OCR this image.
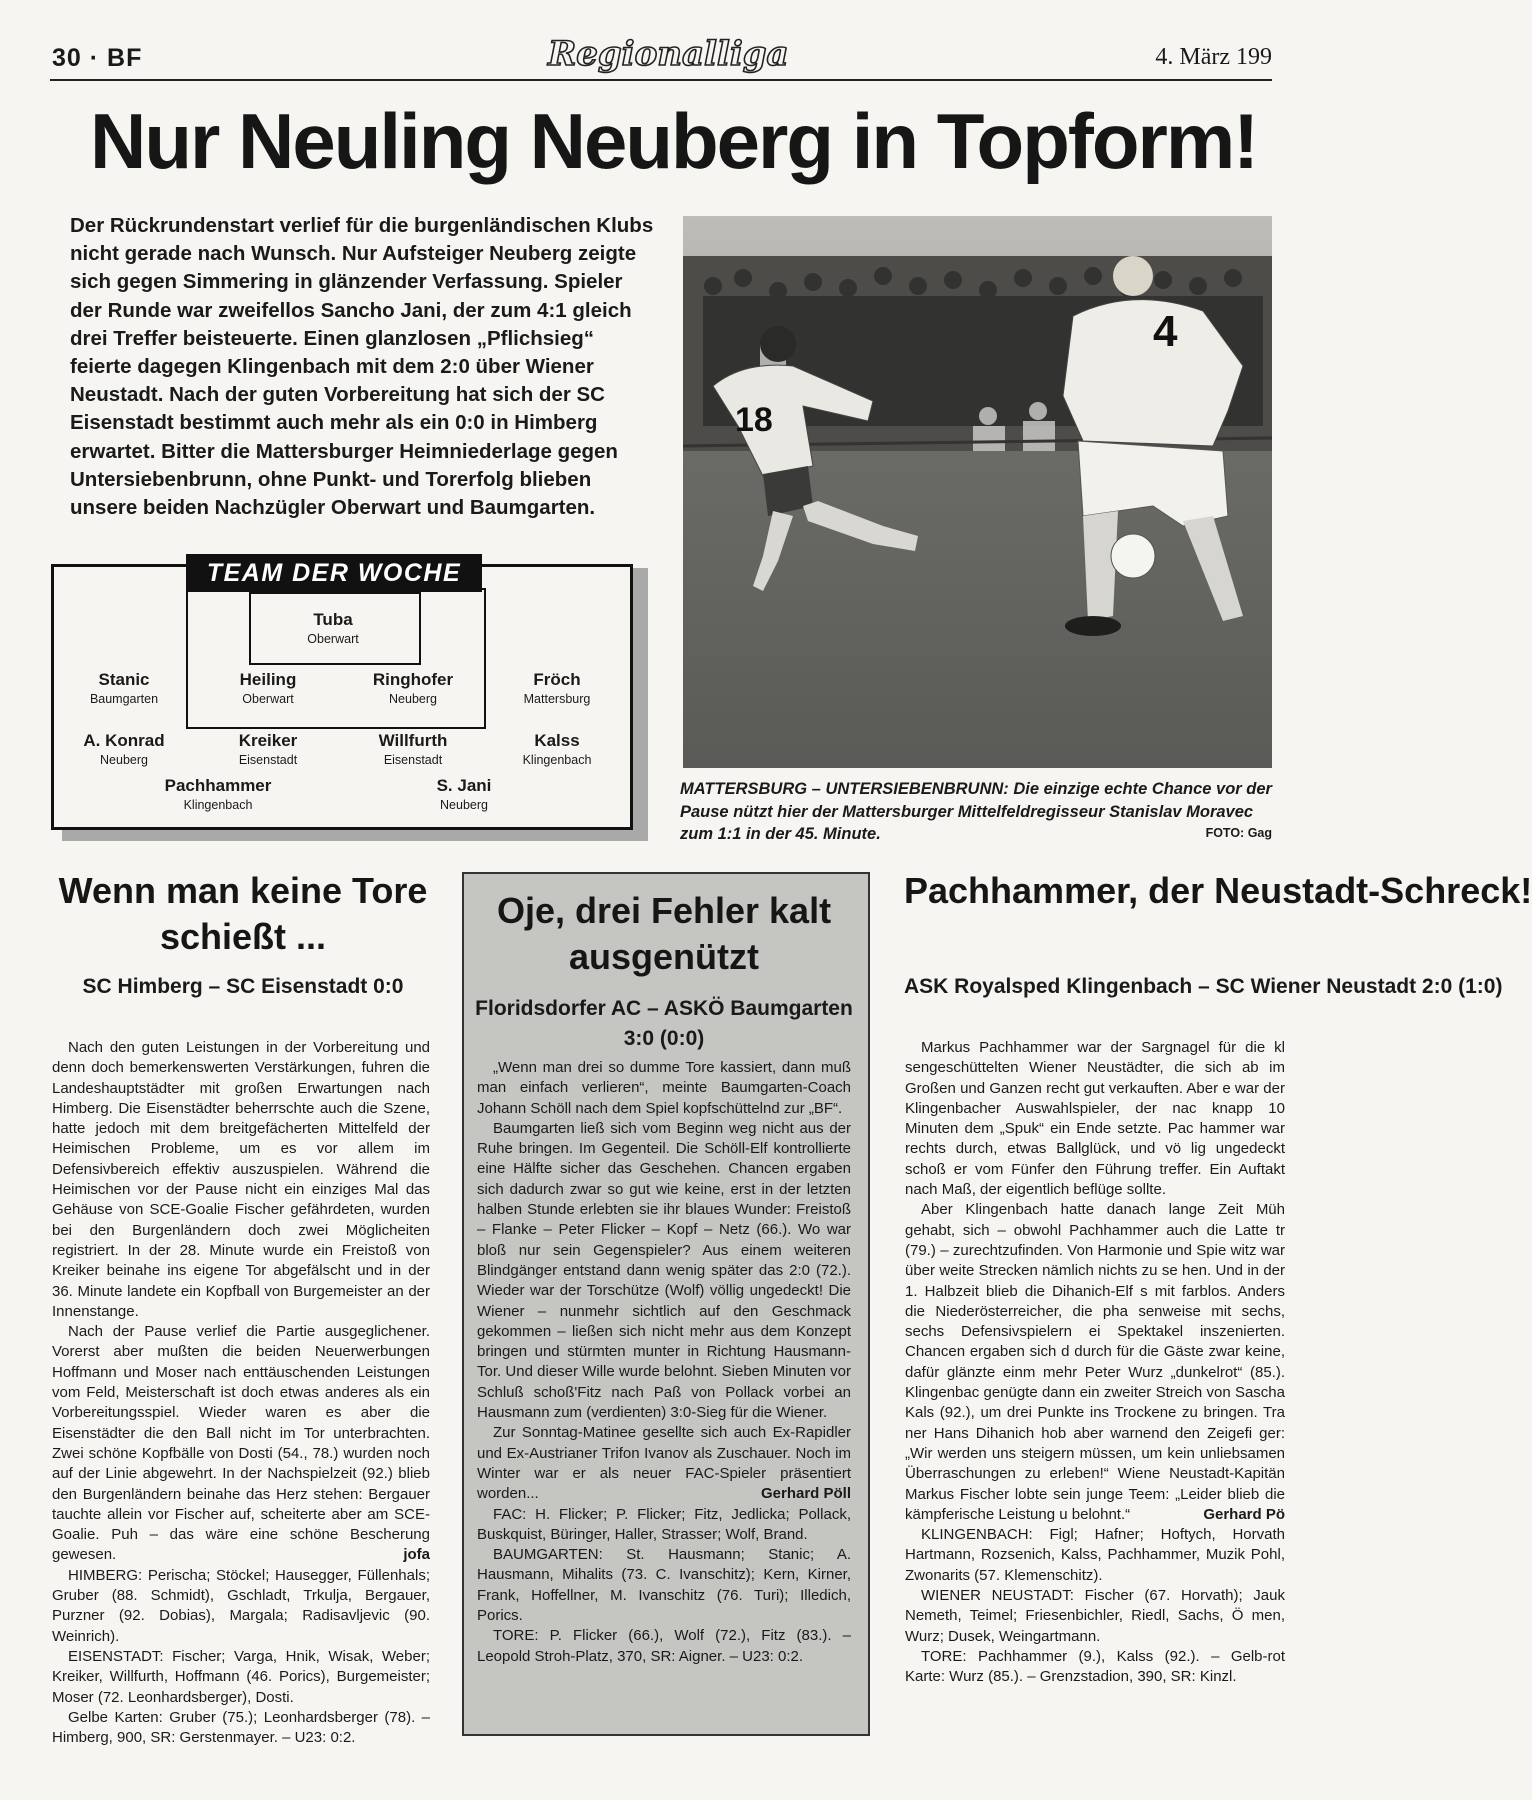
30 · BF	Regionalliga	4. März 199
Nur Neuling Neuberg in Topform!
Der Rückrundenstart verlief für die burgenländischen Klubs nicht gerade nach Wunsch. Nur Aufsteiger Neuberg zeigte sich gegen Simmering in glänzender Verfassung. Spieler der Runde war zweifellos Sancho Jani, der zum 4:1 gleich drei Treffer beisteuerte. Einen glanzlosen „Pflichsieg“ feierte dagegen Klingenbach mit dem 2:0 über Wiener Neustadt. Nach der guten Vorbereitung hat sich der SC Eisenstadt bestimmt auch mehr als ein 0:0 in Himberg erwartet. Bitter die Mattersburger Heimniederlage gegen Untersiebenbrunn, ohne Punkt- und Torerfolg blieben unsere beiden Nachzügler Oberwart und Baumgarten.
18
4
MATTERSBURG – UNTERSIEBENBRUNN: Die einzige echte Chance vor der Pause nützt hier der Mattersburger Mittelfeldregisseur Stanislav Moravec zum 1:1 in der 45. Minute.	FOTO: Gag
TEAM DER WOCHE
Tuba
Oberwart
Stanic
Baumgarten
Heiling
Oberwart
Ringhofer
Neuberg
Fröch
Mattersburg
A. Konrad
Neuberg
Kreiker
Eisenstadt
Willfurth
Eisenstadt
Kalss
Klingenbach
Pachhammer
Klingenbach
S. Jani
Neuberg
Wenn man keine Tore schießt ...
SC Himberg – SC Eisenstadt 0:0

Nach den guten Leistungen in der Vorbereitung und denn doch bemerkenswerten Verstärkungen, fuhren die Landeshauptstädter mit großen Erwartungen nach Himberg. Die Eisenstädter beherrschte auch die Szene, hatte jedoch mit dem breitgefächerten Mittelfeld der Heimischen Probleme, um es vor allem im Defensivbereich effektiv auszuspielen. Während die Heimischen vor der Pause nicht ein einziges Mal das Gehäuse von SCE-Goalie Fischer gefährdeten, wurden bei den Burgenländern doch zwei Möglicheiten registriert. In der 28. Minute wurde ein Freistoß von Kreiker beinahe ins eigene Tor abgefälscht und in der 36. Minute landete ein Kopfball von Burgemeister an der Innenstange.

Nach der Pause verlief die Partie ausgeglichener. Vorerst aber mußten die beiden Neuerwerbungen Hoffmann und Moser nach enttäuschenden Leistungen vom Feld, Meisterschaft ist doch etwas anderes als ein Vorbereitungsspiel. Wieder waren es aber die Eisenstädter die den Ball nicht im Tor unterbrachten. Zwei schöne Kopfbälle von Dosti (54., 78.) wurden noch auf der Linie abgewehrt. In der Nachspielzeit (92.) blieb den Burgenländern beinahe das Herz stehen: Bergauer tauchte allein vor Fischer auf, scheiterte aber am SCE-Goalie. Puh – das wäre eine schöne Bescherung gewesen.	jofa

HIMBERG: Perischa; Stöckel; Hausegger, Füllenhals; Gruber (88. Schmidt), Gschladt, Trkulja, Bergauer, Purzner (92. Dobias), Margala; Radisavljevic (90. Weinrich).

EISENSTADT: Fischer; Varga, Hnik, Wisak, Weber; Kreiker, Willfurth, Hoffmann (46. Porics), Burgemeister; Moser (72. Leonhardsberger), Dosti.

Gelbe Karten: Gruber (75.); Leonhardsberger (78). – Himberg, 900, SR: Gerstenmayer. – U23: 0:2.

Oje, drei Fehler kalt ausgenützt
Floridsdorfer AC – ASKÖ Baumgarten 3:0 (0:0)

„Wenn man drei so dumme Tore kassiert, dann muß man einfach verlieren“, meinte Baumgarten-Coach Johann Schöll nach dem Spiel kopfschüttelnd zur „BF“.

Baumgarten ließ sich vom Beginn weg nicht aus der Ruhe bringen. Im Gegenteil. Die Schöll-Elf kontrollierte eine Hälfte sicher das Geschehen. Chancen ergaben sich dadurch zwar so gut wie keine, erst in der letzten halben Stunde erlebten sie ihr blaues Wunder: Freistoß – Flanke – Peter Flicker – Kopf – Netz (66.). Wo war bloß nur sein Gegenspieler? Aus einem weiteren Blindgänger entstand dann wenig später das 2:0 (72.). Wieder war der Torschütze (Wolf) völlig ungedeckt! Die Wiener – nunmehr sichtlich auf den Geschmack gekommen – ließen sich nicht mehr aus dem Konzept bringen und stürmten munter in Richtung Hausmann-Tor. Und dieser Wille wurde belohnt. Sieben Minuten vor Schluß schoß'Fitz nach Paß von Pollack vorbei an Hausmann zum (verdienten) 3:0-Sieg für die Wiener.

Zur Sonntag-Matinee gesellte sich auch Ex-Rapidler und Ex-Austrianer Trifon Ivanov als Zuschauer. Noch im Winter war er als neuer FAC-Spieler präsentiert worden...	Gerhard Pöll

FAC: H. Flicker; P. Flicker; Fitz, Jedlicka; Pollack, Buskquist, Büringer, Haller, Strasser; Wolf, Brand.

BAUMGARTEN: St. Hausmann; Stanic; A. Hausmann, Mihalits (73. C. Ivanschitz); Kern, Kirner, Frank, Hoffellner, M. Ivanschitz (76. Turi); Illedich, Porics.

TORE: P. Flicker (66.), Wolf (72.), Fitz (83.). – Leopold Stroh-Platz, 370, SR: Aigner. – U23: 0:2.

Pachhammer, der Neustadt-Schreck!
ASK Royalsped Klingenbach – SC Wiener Neustadt 2:0 (1:0)

Markus Pachhammer war der Sargnagel für die kl sengeschüttelten Wiener Neustädter, die sich ab im Großen und Ganzen recht gut verkauften. Aber e war der Klingenbacher Auswahlspieler, der nac knapp 10 Minuten dem „Spuk“ ein Ende setzte. Pac hammer war rechts durch, etwas Ballglück, und vö lig ungedeckt schoß er vom Fünfer den Führung treffer. Ein Auftakt nach Maß, der eigentlich beflüge sollte.

Aber Klingenbach hatte danach lange Zeit Müh gehabt, sich – obwohl Pachhammer auch die Latte tr (79.) – zurechtzufinden. Von Harmonie und Spie witz war über weite Strecken nämlich nichts zu se hen. Und in der 1. Halbzeit blieb die Dihanich-Elf s mit farblos. Anders die Niederösterreicher, die pha senweise mit sechs, sechs Defensivspielern ei Spektakel inszenierten. Chancen ergaben sich d durch für die Gäste zwar keine, dafür glänzte einm mehr Peter Wurz „dunkelrot“ (85.). Klingenbac genügte dann ein zweiter Streich von Sascha Kals (92.), um drei Punkte ins Trockene zu bringen. Tra ner Hans Dihanich hob aber warnend den Zeigefi ger: „Wir werden uns steigern müssen, um kein unliebsamen Überraschungen zu erleben!“ Wiene Neustadt-Kapitän Markus Fischer lobte sein junge Teem: „Leider blieb die kämpferische Leistung u belohnt.“	Gerhard Pö

KLINGENBACH: Figl; Hafner; Hoftych, Horvath Hartmann, Rozsenich, Kalss, Pachhammer, Muzik Pohl, Zwonarits (57. Klemenschitz).

WIENER NEUSTADT: Fischer (67. Horvath); Jauk Nemeth, Teimel; Friesenbichler, Riedl, Sachs, Ö men, Wurz; Dusek, Weingartmann.

TORE: Pachhammer (9.), Kalss (92.). – Gelb-rot Karte: Wurz (85.). – Grenzstadion, 390, SR: Kinzl.
